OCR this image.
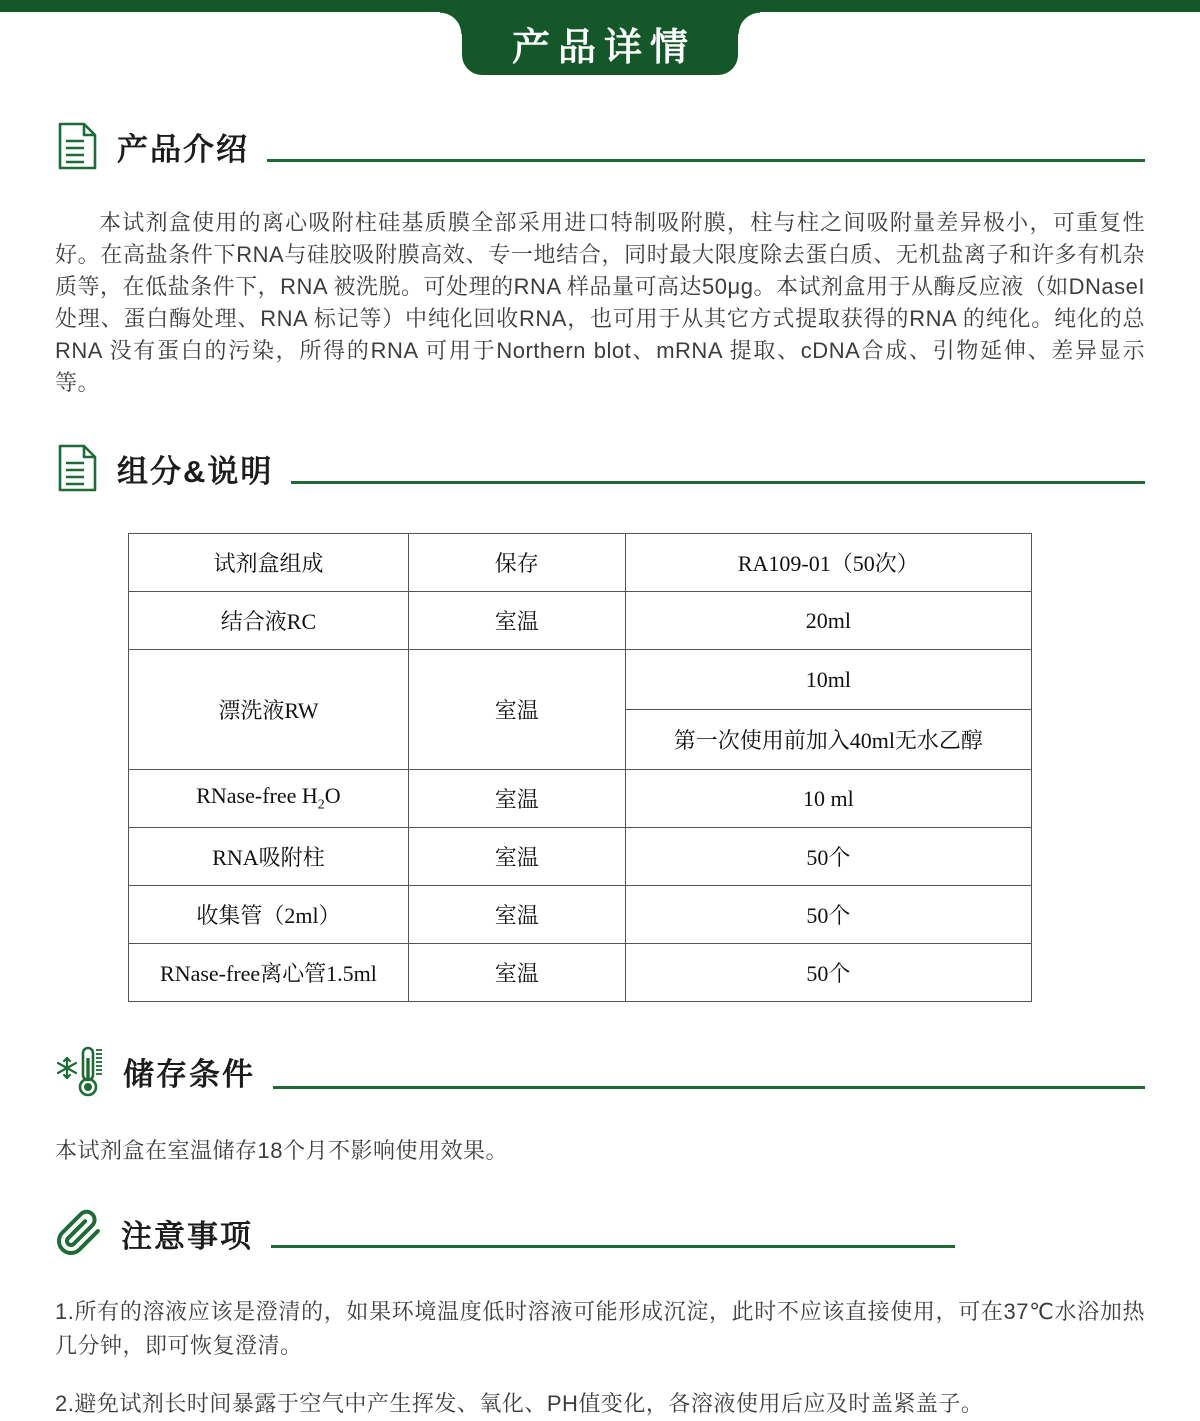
产品详情
产品介绍
本试剂盒使用的离心吸附柱硅基质膜全部采用进口特制吸附膜，柱与柱之间吸附量差异极小，可重复性好。在高盐条件下RNA与硅胶吸附膜高效、专一地结合，同时最大限度除去蛋白质、无机盐离子和许多有机杂质等，在低盐条件下，RNA 被洗脱。可处理的RNA 样品量可高达50μg。本试剂盒用于从酶反应液（如DNaseI 处理、蛋白酶处理、RNA 标记等）中纯化回收RNA，也可用于从其它方式提取获得的RNA 的纯化。纯化的总RNA 没有蛋白的污染，所得的RNA 可用于Northern blot、mRNA 提取、cDNA合成、引物延伸、差异显示等。
组分&说明
试剂盒组成	保存	RA109-01（50次）
结合液RC	室温	20ml
漂洗液RW	室温	10ml
		第一次使用前加入40ml无水乙醇
RNase-free $H_2O$	室温	10 ml
RNA吸附柱	室温	50个
收集管（2ml）	室温	50个
RNase-free离心管1.5ml	室温	50个
储存条件
本试剂盒在室温储存18个月不影响使用效果。
注意事项
1.所有的溶液应该是澄清的，如果环境温度低时溶液可能形成沉淀，此时不应该直接使用，可在37℃水浴加热几分钟，即可恢复澄清。
2.避免试剂长时间暴露于空气中产生挥发、氧化、PH值变化，各溶液使用后应及时盖紧盖子。
